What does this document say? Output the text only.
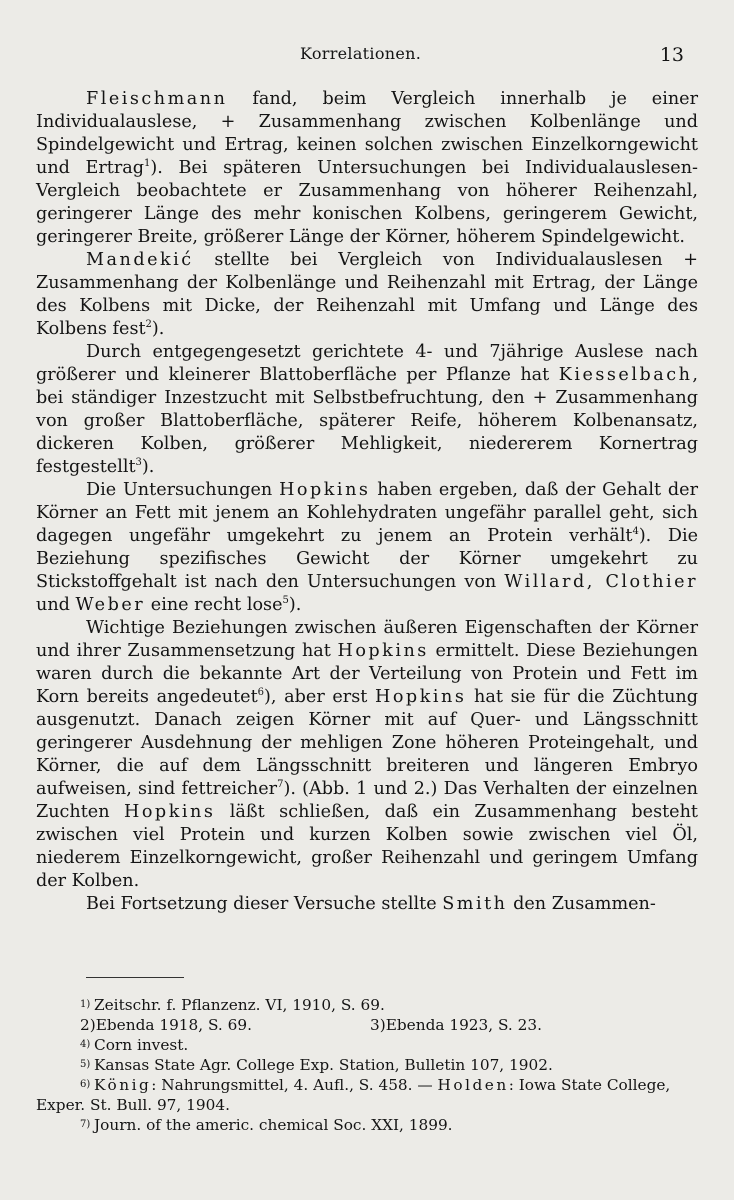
Korrelationen.	13

Fleischmann fand, beim Vergleich innerhalb je einer Individualauslese, + Zusammenhang zwischen Kolbenlänge und Spindelgewicht und Ertrag, keinen solchen zwischen Einzelkorngewicht und Ertrag$^1$). Bei späteren Untersuchungen bei Individualauslesen-Vergleich beobachtete er Zusammenhang von höherer Reihenzahl, geringerer Länge des mehr konischen Kolbens, geringerem Gewicht, geringerer Breite, größerer Länge der Körner, höherem Spindelgewicht.

Mandekić stellte bei Vergleich von Individualauslesen + Zusammenhang der Kolbenlänge und Reihenzahl mit Ertrag, der Länge des Kolbens mit Dicke, der Reihenzahl mit Umfang und Länge des Kolbens fest$^2$).

Durch entgegengesetzt gerichtete 4- und 7jährige Auslese nach größerer und kleinerer Blattoberfläche per Pflanze hat Kiesselbach, bei ständiger Inzestzucht mit Selbstbefruchtung, den + Zusammenhang von großer Blattoberfläche, späterer Reife, höherem Kolbenansatz, dickeren Kolben, größerer Mehligkeit, niedererem Kornertrag festgestellt$^3$).

Die Untersuchungen Hopkins haben ergeben, daß der Gehalt der Körner an Fett mit jenem an Kohlehydraten ungefähr parallel geht, sich dagegen ungefähr umgekehrt zu jenem an Protein verhält$^4$). Die Beziehung spezifisches Gewicht der Körner umgekehrt zu Stickstoffgehalt ist nach den Untersuchungen von Willard, Clothier und Weber eine recht lose$^5$).

Wichtige Beziehungen zwischen äußeren Eigenschaften der Körner und ihrer Zusammensetzung hat Hopkins ermittelt. Diese Beziehungen waren durch die bekannte Art der Verteilung von Protein und Fett im Korn bereits angedeutet$^6$), aber erst Hopkins hat sie für die Züchtung ausgenutzt. Danach zeigen Körner mit auf Quer- und Längsschnitt geringerer Ausdehnung der mehligen Zone höheren Proteingehalt, und Körner, die auf dem Längsschnitt breiteren und längeren Embryo aufweisen, sind fettreicher$^7$). (Abb. 1 und 2.) Das Verhalten der einzelnen Zuchten Hopkins läßt schließen, daß ein Zusammenhang besteht zwischen viel Protein und kurzen Kolben sowie zwischen viel Öl, niederem Einzelkorngewicht, großer Reihenzahl und geringem Umfang der Kolben.

Bei Fortsetzung dieser Versuche stellte Smith den Zusammen-

1) Zeitschr. f. Pflanzenz. VI, 1910, S. 69.
2)Ebenda 1918, S. 69.	3)Ebenda 1923, S. 23.
4) Corn invest.
5) Kansas State Agr. College Exp. Station, Bulletin 107, 1902.
6) König: Nahrungsmittel, 4. Aufl., S. 458. — Holden: Iowa State College, Exper. St. Bull. 97, 1904.
7) Journ. of the americ. chemical Soc. XXI, 1899.
